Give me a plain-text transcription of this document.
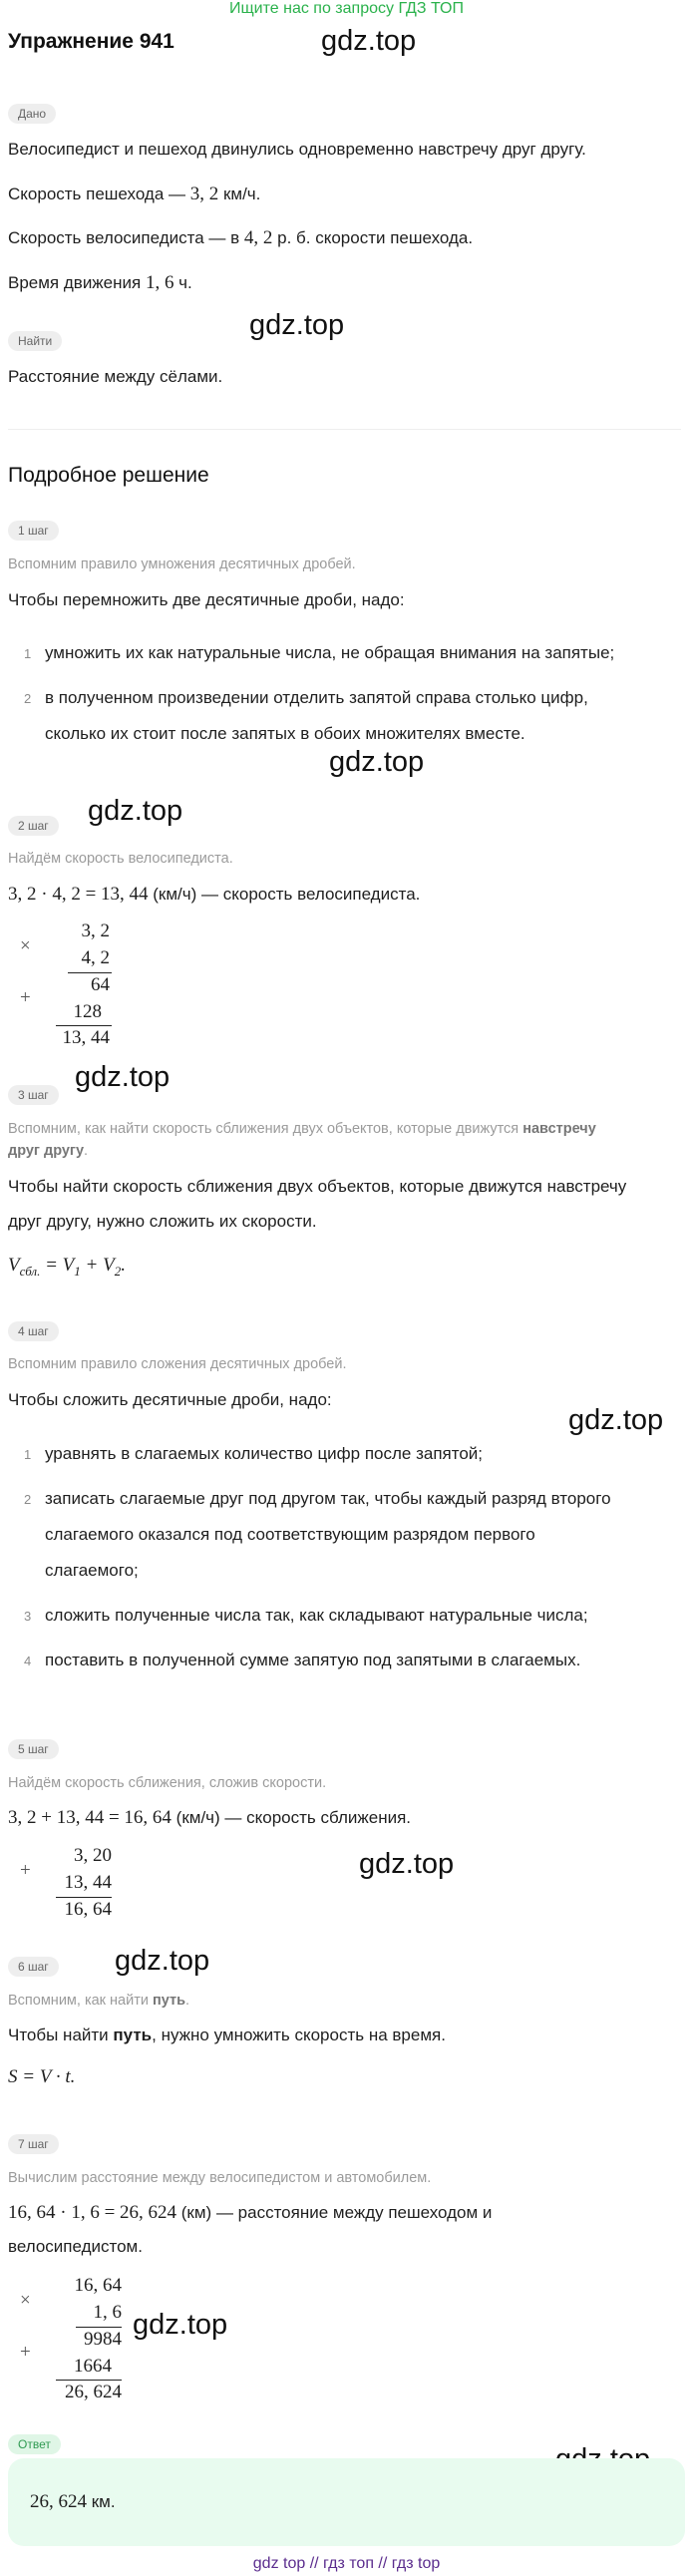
Ищите нас по запросу ГДЗ ТОП
Упражнение 941	gdz.top
gdz.top
gdz.top
gdz.top
gdz.top
gdz.top
gdz.top
gdz.top
gdz.top
Дано
Велосипедист и пешеход двинулись одновременно навстречу друг другу.
Скорость пешехода — 3, 2 км/ч.
Скорость велосипедиста — в 4, 2 р. б. скорости пешехода.
Время движения 1, 6 ч.
Найти
Расстояние между сёлами.
Подробное решение
1 шаг
Вспомним правило умножения десятичных дробей.
Чтобы перемножить две десятичные дроби, надо:
1 умножить их как натуральные числа, не обращая внимания на запятые;
2 в полученном произведении отделить запятой справа столько цифр,
сколько их стоит после запятых в обоих множителях вместе.
2 шаг
Найдём скорость велосипедиста.
3, 2 · 4, 2 = 13, 44 (км/ч) — скорость велосипедиста.
×
3, 2
4, 2
64
+
128
13, 44
3 шаг
Вспомним, как найти скорость сближения двух объектов, которые движутся навстречу
друг другу.
Чтобы найти скорость сближения двух объектов, которые движутся навстречу
друг другу, нужно сложить их скорости.
$V_{сбл.} = V_1 + V_2$.
4 шаг
Вспомним правило сложения десятичных дробей.
Чтобы сложить десятичные дроби, надо:
1 уравнять в слагаемых количество цифр после запятой;
2 записать слагаемые друг под другом так, чтобы каждый разряд второго
слагаемого оказался под соответствующим разрядом первого
слагаемого;
3 сложить полученные числа так, как складывают натуральные числа;
4 поставить в полученной сумме запятую под запятыми в слагаемых.
5 шаг
Найдём скорость сближения, сложив скорости.
3, 2 + 13, 44 = 16, 64 (км/ч) — скорость сближения.
+
3, 20
13, 44
16, 64
6 шаг
Вспомним, как найти путь.
Чтобы найти путь, нужно умножить скорость на время.
S = V · t.
7 шаг
Вычислим расстояние между велосипедистом и автомобилем.
16, 64 · 1, 6 = 26, 624 (км) — расстояние между пешеходом и
велосипедистом.
×
16, 64
1, 6
9984
+
1664
26, 624
Ответ
26, 624 км.
gdz top // гдз топ // гдз top
